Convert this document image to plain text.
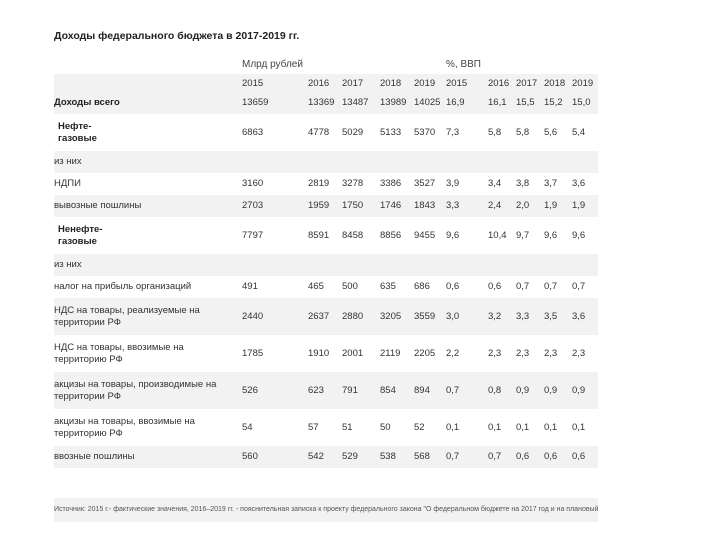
Доходы федерального бюджета в 2017-2019 гг.
Млрд рублей	%, ВВП
2015	2016 2017 2018 2019 2015 2016 2017 2018 2019
Доходы всего	13659	13369 13487 13989 14025 16,9 16,1 15,5 15,2 15,0
Нефте-
газовые
6863	4778 5029 5133 5370 7,3	5,8 5,8 5,6 5,4
из них
НДПИ	3160	2819 3278 3386 3527 3,9	3,4 3,8 3,7 3,6
вывозные пошлины	2703	1959 1750 1746 1843 3,3	2,4 2,0 1,9 1,9
Ненефте-
газовые
7797	8591 8458 8856 9455 9,6	10,4 9,7 9,6 9,6
из них
налог на прибыль организаций	491	465 500 635 686 0,6	0,6 0,7 0,7 0,7
НДС на товары, реализуемые на
территории РФ
2440	2637 2880 3205 3559 3,0	3,2 3,3 3,5 3,6
НДС на товары, ввозимые на
территорию РФ
1785	1910 2001 2119 2205 2,2	2,3 2,3 2,3 2,3
акцизы на товары, производимые на
территории РФ
526	623 791 854 894 0,7	0,8 0,9 0,9 0,9
акцизы на товары, ввозимые на
территорию РФ
54	57 51	50 52 0,1	0,1 0,1 0,1 0,1
ввозные пошлины	560	542 529 538 568 0,7	0,7 0,6 0,6 0,6
Источник: 2015 г.- фактические значения, 2016–2019 гг. - пояснительная записка к проекту федерального закона "О федеральном бюджете на 2017 год и на плановый
